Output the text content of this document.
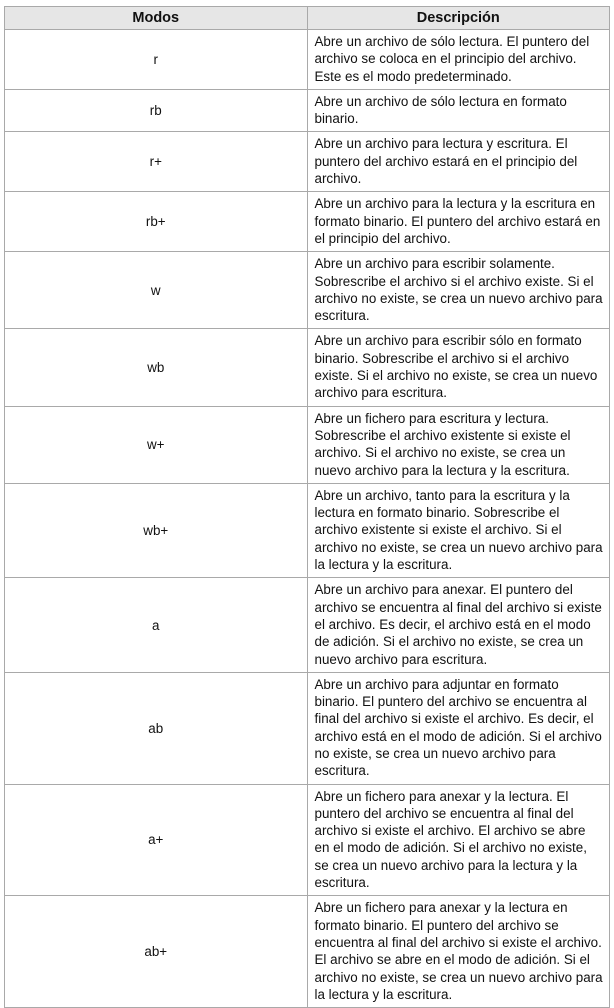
Modos	Descripción
r	Abre un archivo de sólo lectura. El puntero del archivo se coloca en el principio del archivo. Este es el modo predeterminado.
rb	Abre un archivo de sólo lectura en formato binario.
r+	Abre un archivo para lectura y escritura. El puntero del archivo estará en el principio del archivo.
rb+	Abre un archivo para la lectura y la escritura en formato binario. El puntero del archivo estará en el principio del archivo.
w	Abre un archivo para escribir solamente. Sobrescribe el archivo si el archivo existe. Si el archivo no existe, se crea un nuevo archivo para escritura.
wb	Abre un archivo para escribir sólo en formato binario. Sobrescribe el archivo si el archivo existe. Si el archivo no existe, se crea un nuevo archivo para escritura.
w+	Abre un fichero para escritura y lectura. Sobrescribe el archivo existente si existe el archivo. Si el archivo no existe, se crea un nuevo archivo para la lectura y la escritura.
wb+	Abre un archivo, tanto para la escritura y la lectura en formato binario. Sobrescribe el archivo existente si existe el archivo. Si el archivo no existe, se crea un nuevo archivo para la lectura y la escritura.
a	Abre un archivo para anexar. El puntero del archivo se encuentra al final del archivo si existe el archivo. Es decir, el archivo está en el modo de adición. Si el archivo no existe, se crea un nuevo archivo para escritura.
ab	Abre un archivo para adjuntar en formato binario. El puntero del archivo se encuentra al final del archivo si existe el archivo. Es decir, el archivo está en el modo de adición. Si el archivo no existe, se crea un nuevo archivo para escritura.
a+	Abre un fichero para anexar y la lectura. El puntero del archivo se encuentra al final del archivo si existe el archivo. El archivo se abre en el modo de adición. Si el archivo no existe, se crea un nuevo archivo para la lectura y la escritura.
ab+	Abre un fichero para anexar y la lectura en formato binario. El puntero del archivo se encuentra al final del archivo si existe el archivo. El archivo se abre en el modo de adición. Si el archivo no existe, se crea un nuevo archivo para la lectura y la escritura.
